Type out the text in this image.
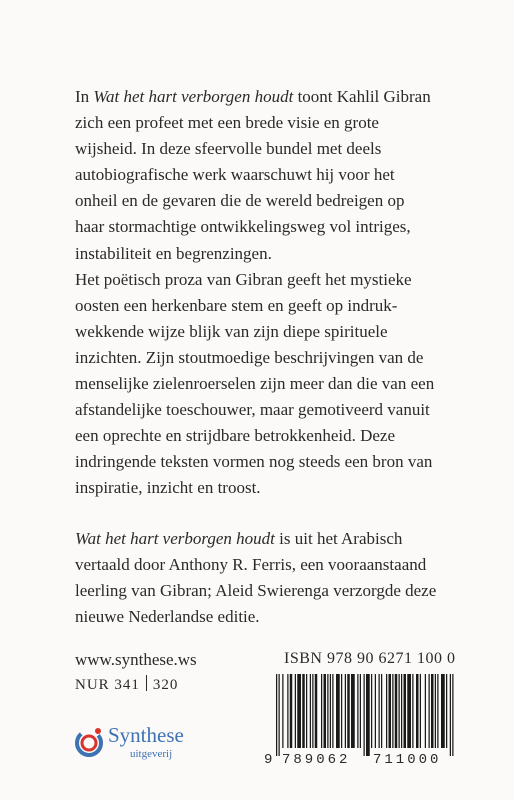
In Wat het hart verborgen houdt toont Kahlil Gibran
zich een profeet met een brede visie en grote
wijsheid. In deze sfeervolle bundel met deels
autobiografische werk waarschuwt hij voor het
onheil en de gevaren die de wereld bedreigen op
haar stormachtige ontwikkelingsweg vol intriges,
instabiliteit en begrenzingen.

Het poëtisch proza van Gibran geeft het mystieke
oosten een herkenbare stem en geeft op indruk-
wekkende wijze blijk van zijn diepe spirituele
inzichten. Zijn stoutmoedige beschrijvingen van de
menselijke zielenroerselen zijn meer dan die van een
afstandelijke toeschouwer, maar gemotiveerd vanuit
een oprechte en strijdbare betrokkenheid. Deze
indringende teksten vormen nog steeds een bron van
inspiratie, inzicht en troost.

Wat het hart verborgen houdt is uit het Arabisch
vertaald door Anthony R. Ferris, een vooraanstaand
leerling van Gibran; Aleid Swierenga verzorgde deze
nieuwe Nederlandse editie.

www.synthese.ws
NUR 341 320
Synthese
uitgeverij
ISBN 978 90 6271 100 0
9 789062 711000
